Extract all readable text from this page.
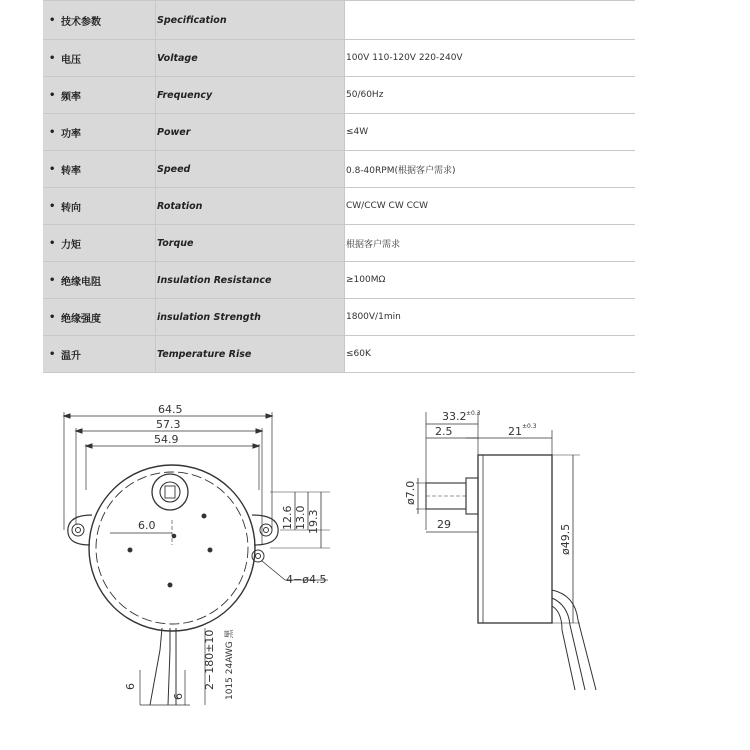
• 技术参数	Specification
• 电压	Voltage	100V 110-120V 220-240V
• 频率	Frequency	50/60Hz
• 功率	Power	≤4W
• 转率	Speed	0.8-40RPM(根据客户需求)
• 转向	Rotation	CW/CCW CW CCW
• 力矩	Torque	根据客户需求
• 绝缘电阻	Insulation Resistance	≥100MΩ
• 绝缘强度	insulation Strength	1800V/1min
• 温升	Temperature Rise	≤60K
64.5
57.3
54.9
6.0	12.6 13.0 19.3
4−ø4.5
6
6
2−180±10 1015 24AWG 黑
33.2 ±0.3
2.5	21 ±0.3
ø7.0
29	ø49.5
